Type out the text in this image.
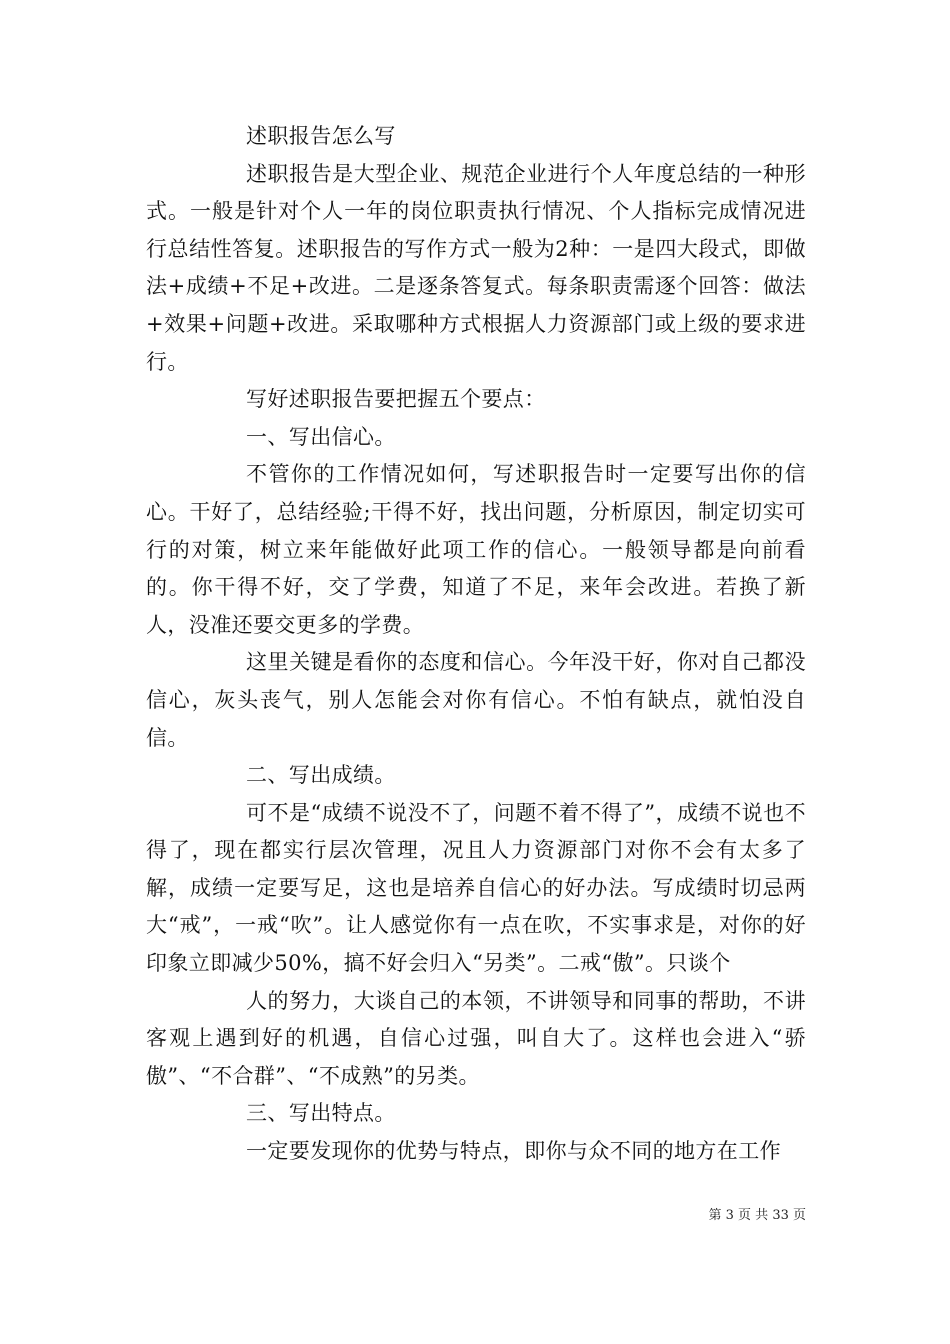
述职报告怎么写

述职报告是大型企业、规范企业进行个人年度总结的一种形式。一般是针对个人一年的岗位职责执行情况、个人指标完成情况进行总结性答复。述职报告的写作方式一般为2种：一是四大段式，即做法+成绩+不足+改进。二是逐条答复式。每条职责需逐个回答：做法+效果+问题+改进。采取哪种方式根据人力资源部门或上级的要求进行。

写好述职报告要把握五个要点：

一、写出信心。

不管你的工作情况如何，写述职报告时一定要写出你的信心。干好了，总结经验;干得不好，找出问题，分析原因，制定切实可行的对策，树立来年能做好此项工作的信心。一般领导都是向前看的。你干得不好，交了学费，知道了不足，来年会改进。若换了新人，没准还要交更多的学费。

这里关键是看你的态度和信心。今年没干好，你对自己都没信心，灰头丧气，别人怎能会对你有信心。不怕有缺点，就怕没自信。

二、写出成绩。

可不是“成绩不说没不了，问题不着不得了”，成绩不说也不得了，现在都实行层次管理，况且人力资源部门对你不会有太多了解，成绩一定要写足，这也是培养自信心的好办法。写成绩时切忌两大“戒”，一戒“吹”。让人感觉你有一点在吹，不实事求是，对你的好印象立即减少50%，搞不好会归入“另类”。二戒“傲”。只谈个

人的努力，大谈自己的本领，不讲领导和同事的帮助，不讲客观上遇到好的机遇，自信心过强，叫自大了。这样也会进入“骄傲”、“不合群”、“不成熟”的另类。

三、写出特点。

一定要发现你的优势与特点，即你与众不同的地方在工作

第 3 页 共 33 页
